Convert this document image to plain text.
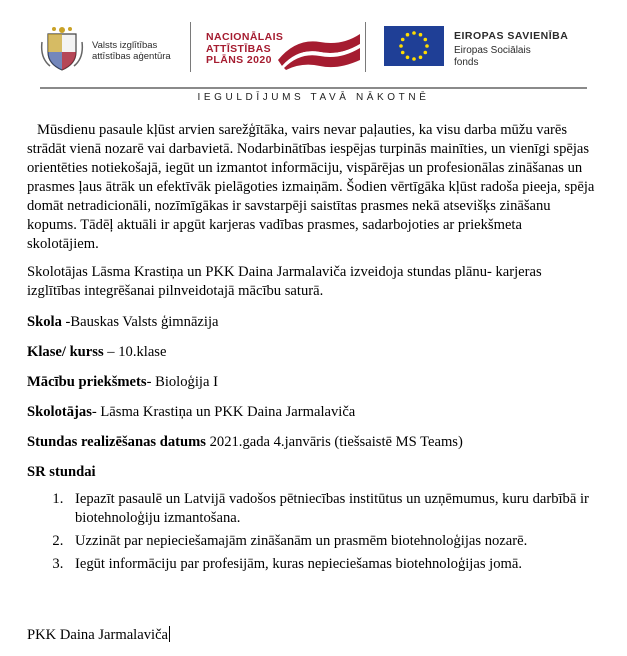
Valsts izglītības
attīstības aģentūra
NACIONĀLAIS
ATTĪSTĪBAS
PLĀNS 2020
EIROPAS SAVIENĪBA
Eiropas Sociālais
fonds
IEGULDĪJUMS TAVĀ NĀKOTNĒ

Mūsdienu pasaule kļūst arvien sarežģītāka, vairs nevar paļauties, ka visu darba mūžu varēs strādāt vienā nozarē vai darbavietā. Nodarbinātības iespējas turpinās mainīties, un vienīgi spējas orientēties notiekošajā, iegūt un izmantot informāciju, vispārējas un profesionālas zināšanas un prasmes ļaus ātrāk un efektīvāk pielāgoties izmaiņām. Šodien vērtīgāka kļūst radoša pieeja, spēja domāt netradicionāli, nozīmīgākas ir savstarpēji saistītas prasmes nekā atsevišķs zināšanu kopums. Tādēļ aktuāli ir apgūt karjeras vadības prasmes, sadarbojoties ar priekšmeta skolotājiem.

Skolotājas Lāsma Krastiņa un PKK Daina Jarmalaviča izveidoja stundas plānu- karjeras izglītības integrēšanai pilnveidotajā mācību saturā.

Skola -Bauskas Valsts ģimnāzija

Klase/ kurss – 10.klase

Mācību priekšmets- Bioloģija I

Skolotājas- Lāsma Krastiņa un PKK Daina Jarmalaviča

Stundas realizēšanas datums 2021.gada 4.janvāris (tiešsaistē MS Teams)

SR stundai

1. Iepazīt pasaulē un Latvijā vadošos pētniecības institūtus un uzņēmumus, kuru darbībā ir biotehnoloģiju izmantošana.
2. Uzzināt par nepieciešamajām zināšanām un prasmēm biotehnoloģijas nozarē.
3. Iegūt informāciju par profesijām, kuras nepieciešamas biotehnoloģijas jomā.
PKK Daina Jarmalaviča
